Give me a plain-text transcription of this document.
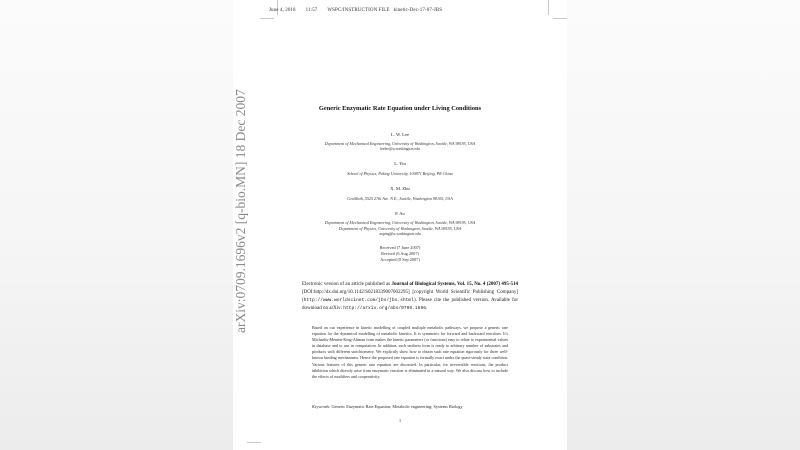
June 4, 2018 11:57 WSPC/INSTRUCTION FILE kinetic-Dec-17-07-JBS
arXiv:0709.1696v2 [q-bio.MN] 18 Dec 2007	Generic Enzymatic Rate Equation under Living Conditions
L. W. Lee
Department of Mechanical Engineering, University of Washington, Seattle, WA 98195, USA
leelee@u.washington.edu
L. Yin
School of Physics, Peking University, 100871 Beijing, PR China
X. M. Zhu
GenMath, 5525 27th Ave. N.E., Seattle, Washington 98105, USA
P. Ao
Department of Mechanical Engineering, University of Washington, Seattle, WA 98195, USA
Department of Physics, University of Washington, Seattle, WA 98195, USA
aoping@u.washington.edu
Received (7 June 2007)
Revised (6 Aug 2007)
Accepted (8 Sep 2007)
Electronic version of an article published as Journal of Biological Systems, Vol. 15, No. 4 (2007) 495-514 [DOI:http://dx.doi.org/10.1142/S0218339007002295] [copyright World Scientific Publishing Company] (http://www.worldscinet.com/jbs/jbs.shtml). Please cite the published version. Available for download on arXiv: http://arxiv.org/abs/0709.1696.
Based on our experience in kinetic modelling of coupled multiple metabolic pathways, we propose a generic rate equation for the dynamical modelling of metabolic kinetics. It is symmetric for forward and backward reactions. It's Michaelis-Menten-King-Altman form makes the kinetic parameters (or functions) easy to relate to experimental values in database and to use in computation. In addition, such uniform form is ready to arbitrary number of substrates and products with different stoichiometry. We explicitly show how to obtain such rate equation rigorously for three well-known binding mechanisms. Hence the proposed rate equation is formally exact under the quasi-steady state condition. Various features of this generic rate equation are discussed. In particular, for irreversible reactions, the product inhibition which directly arise from enzymatic reaction is eliminated in a natural way. We also discuss how to include the effects of modifiers and cooperativity.
Keywords: Generic Enzymatic Rate Equation; Metabolic engineering; Systems Biology
1
